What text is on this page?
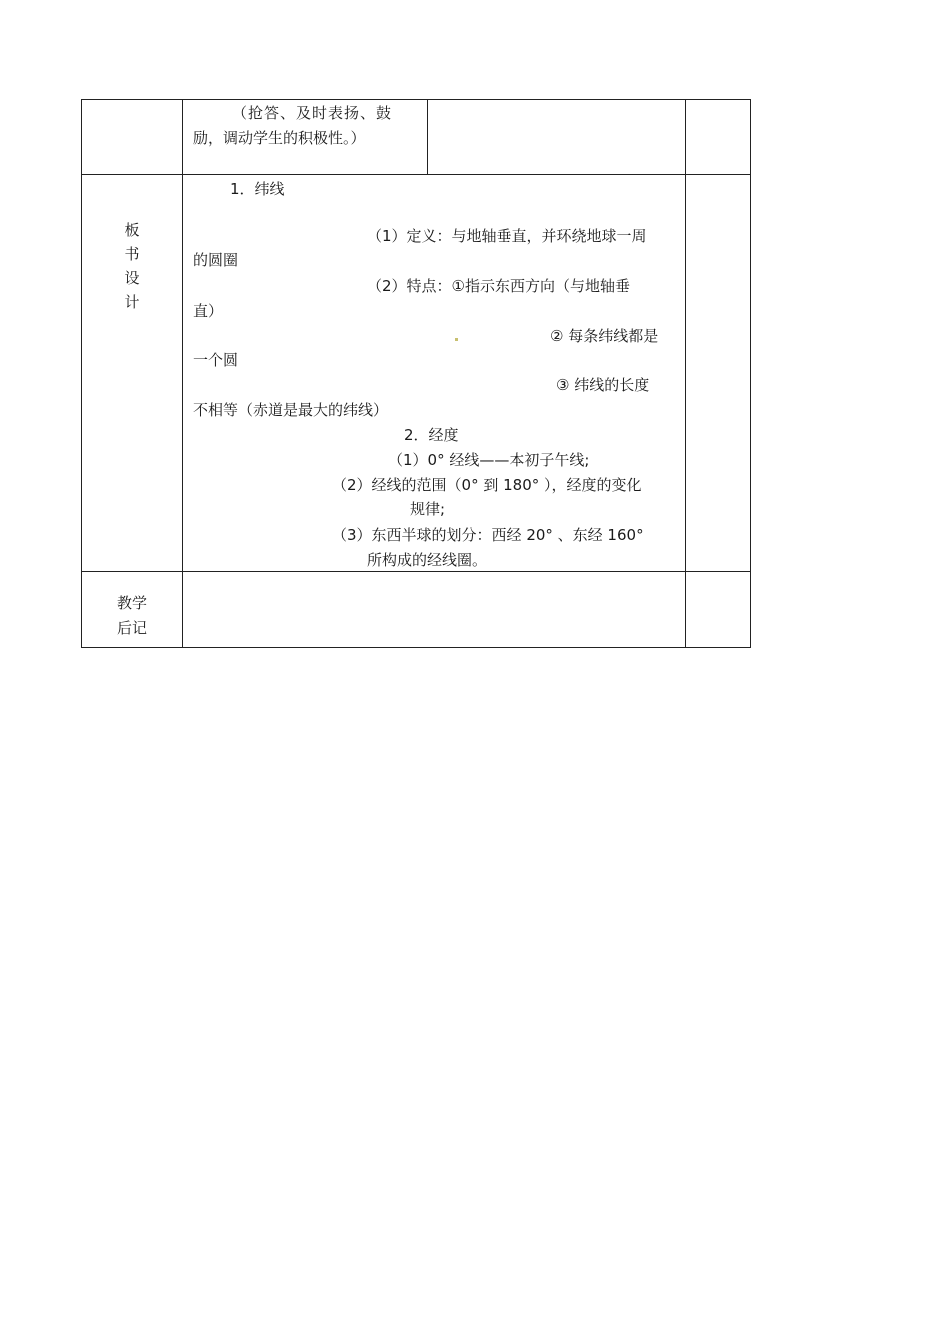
（抢答、及时表扬、鼓
励，调动学生的积极性。）
板
书
设
计
1．纬线
（1）定义：与地轴垂直，并环绕地球一周
的圆圈
（2）特点：①指示东西方向（与地轴垂
直）
② 每条纬线都是
一个圆
③ 纬线的长度
不相等（赤道是最大的纬线）
2．经度
（1）0° 经线——本初子午线;
（2）经线的范围（0° 到 180° ），经度的变化
规律;
（3）东西半球的划分：西经 20° 、东经 160°
所构成的经线圈。
教学
后记
